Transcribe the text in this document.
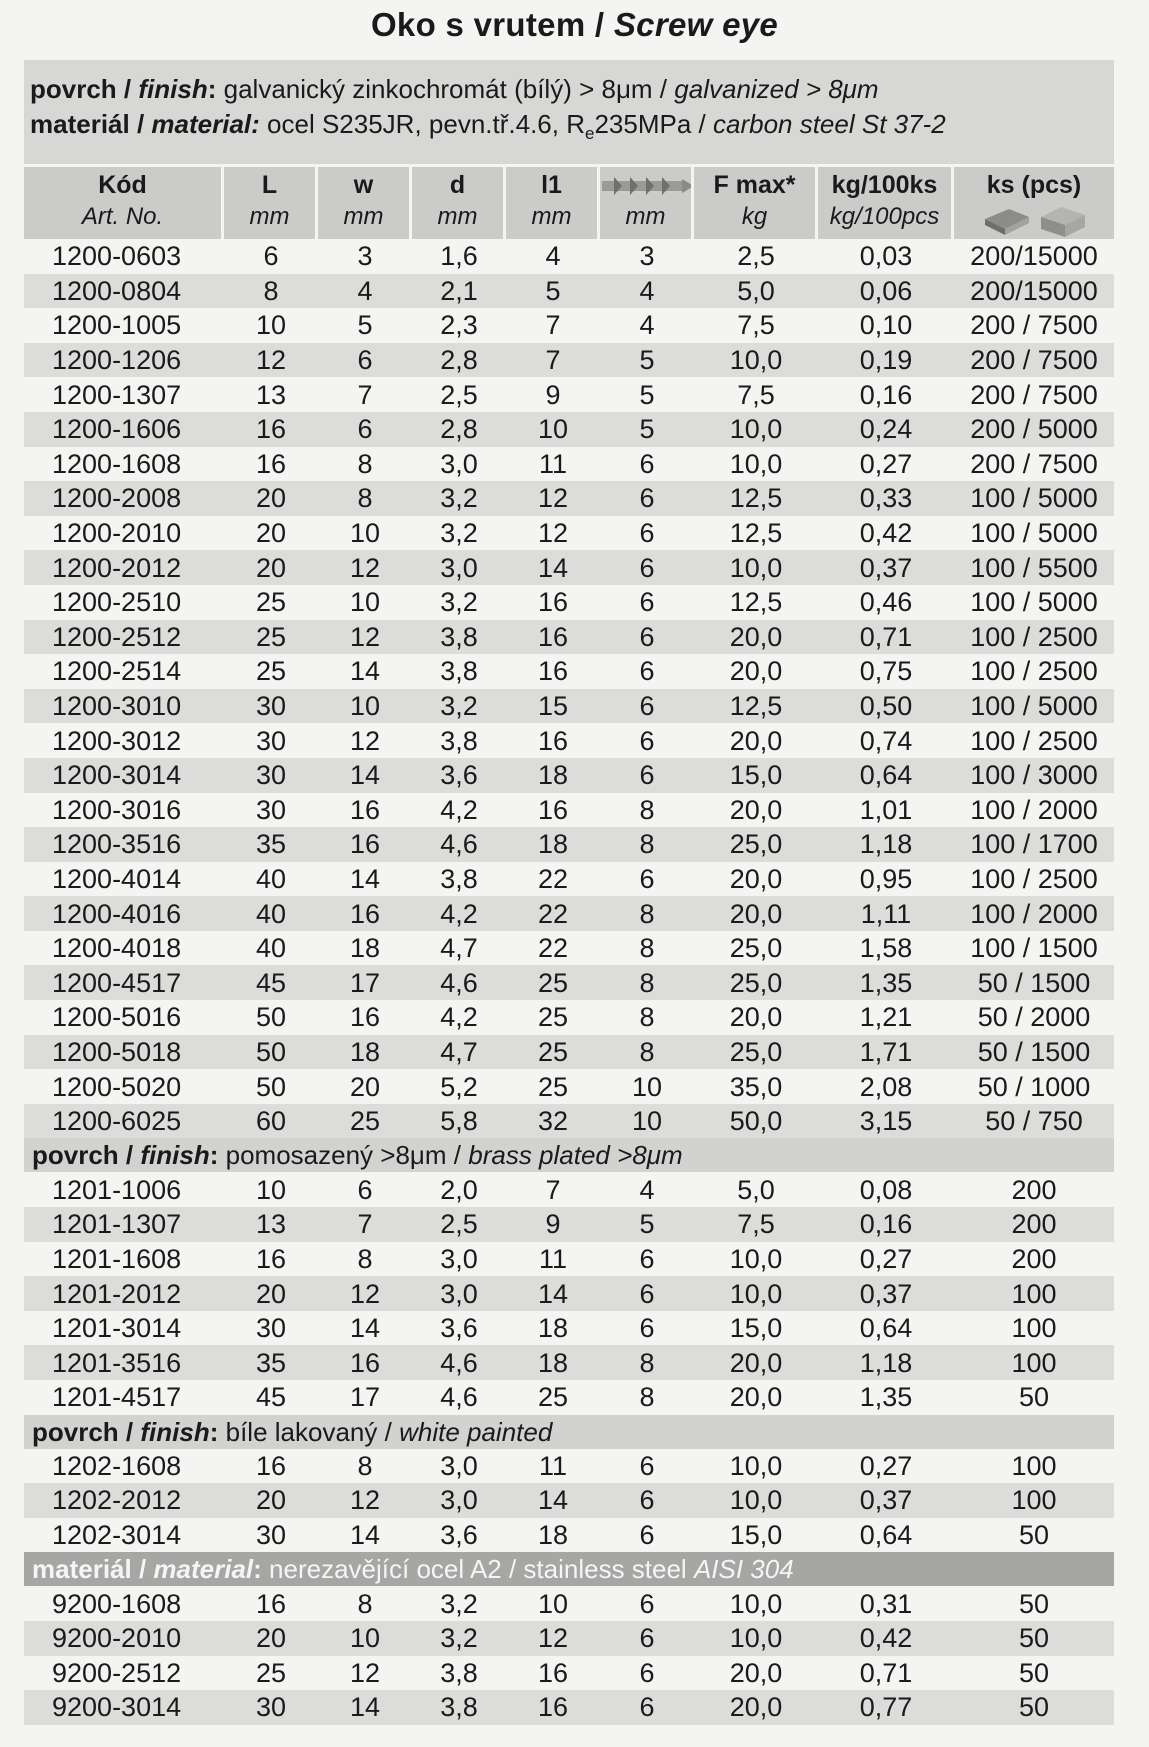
Oko s vrutem / Screw eye
povrch / finish: galvanický zinkochromát (bílý) > 8μm / galvanized > 8μm
materiál / material: ocel S235JR, pevn.tř.4.6, $R_e235MPa$ / carbon steel St 37-2
Kód	L	w	d	l1		F max*	kg/100ks	ks (pcs)
Art. No.	mm	mm	mm	mm	mm	kg	kg/100pcs	
1200-0603	6	3	1,6	4	3	2,5	0,03	200/15000
1200-0804	8	4	2,1	5	4	5,0	0,06	200/15000
1200-1005	10	5	2,3	7	4	7,5	0,10	200 / 7500
1200-1206	12	6	2,8	7	5	10,0	0,19	200 / 7500
1200-1307	13	7	2,5	9	5	7,5	0,16	200 / 7500
1200-1606	16	6	2,8	10	5	10,0	0,24	200 / 5000
1200-1608	16	8	3,0	11	6	10,0	0,27	200 / 7500
1200-2008	20	8	3,2	12	6	12,5	0,33	100 / 5000
1200-2010	20	10	3,2	12	6	12,5	0,42	100 / 5000
1200-2012	20	12	3,0	14	6	10,0	0,37	100 / 5500
1200-2510	25	10	3,2	16	6	12,5	0,46	100 / 5000
1200-2512	25	12	3,8	16	6	20,0	0,71	100 / 2500
1200-2514	25	14	3,8	16	6	20,0	0,75	100 / 2500
1200-3010	30	10	3,2	15	6	12,5	0,50	100 / 5000
1200-3012	30	12	3,8	16	6	20,0	0,74	100 / 2500
1200-3014	30	14	3,6	18	6	15,0	0,64	100 / 3000
1200-3016	30	16	4,2	16	8	20,0	1,01	100 / 2000
1200-3516	35	16	4,6	18	8	25,0	1,18	100 / 1700
1200-4014	40	14	3,8	22	6	20,0	0,95	100 / 2500
1200-4016	40	16	4,2	22	8	20,0	1,11	100 / 2000
1200-4018	40	18	4,7	22	8	25,0	1,58	100 / 1500
1200-4517	45	17	4,6	25	8	25,0	1,35	50 / 1500
1200-5016	50	16	4,2	25	8	20,0	1,21	50 / 2000
1200-5018	50	18	4,7	25	8	25,0	1,71	50 / 1500
1200-5020	50	20	5,2	25	10	35,0	2,08	50 / 1000
1200-6025	60	25	5,8	32	10	50,0	3,15	50 / 750
povrch / finish: pomosazený >8μm / brass plated >8μm								
1201-1006	10	6	2,0	7	4	5,0	0,08	200
1201-1307	13	7	2,5	9	5	7,5	0,16	200
1201-1608	16	8	3,0	11	6	10,0	0,27	200
1201-2012	20	12	3,0	14	6	10,0	0,37	100
1201-3014	30	14	3,6	18	6	15,0	0,64	100
1201-3516	35	16	4,6	18	8	20,0	1,18	100
1201-4517	45	17	4,6	25	8	20,0	1,35	50
povrch / finish: bíle lakovaný / white painted								
1202-1608	16	8	3,0	11	6	10,0	0,27	100
1202-2012	20	12	3,0	14	6	10,0	0,37	100
1202-3014	30	14	3,6	18	6	15,0	0,64	50
materiál / material: nerezavějící ocel A2 / stainless steel AISI 304								
9200-1608	16	8	3,2	10	6	10,0	0,31	50
9200-2010	20	10	3,2	12	6	10,0	0,42	50
9200-2512	25	12	3,8	16	6	20,0	0,71	50
9200-3014	30	14	3,8	16	6	20,0	0,77	50
